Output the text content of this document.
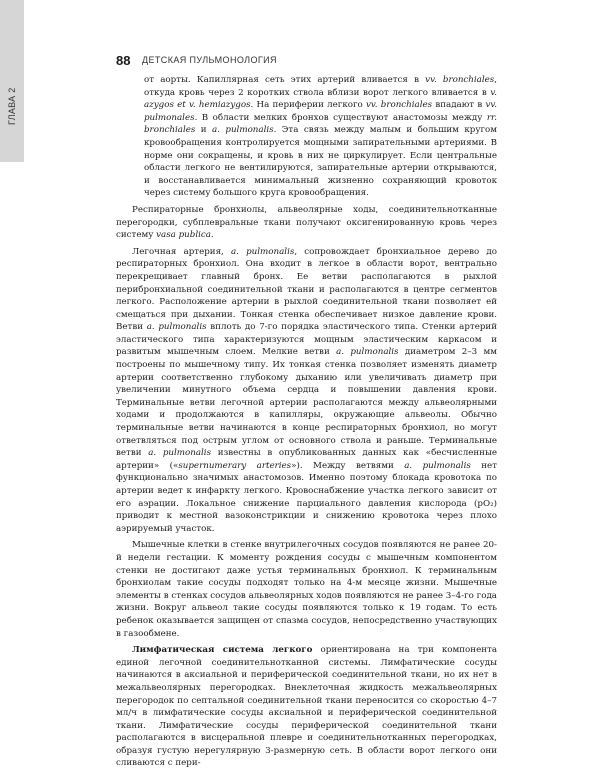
ГЛАВА 2
88 ДЕТСКАЯ ПУЛЬМОНОЛОГИЯ

от аорты. Капиллярная сеть этих артерий вливается в vv. bronchiales, откуда кровь через 2 коротких ствола вблизи ворот легкого вливается в v. azygos et v. hemiazygos. На периферии легкого vv. bronchiales впадают в vv. pulmonales. В области мелких бронхов существуют анастомозы между rr. bronchiales и a. pulmonalis. Эта связь между малым и большим кругом кровообращения контролируется мощными запирательными артериями. В норме они сокращены, и кровь в них не циркулирует. Если центральные области легкого не вентилируются, запирательные артерии открываются, и восстанавливается минимальный жизненно сохраняющий кровоток через систему большого круга кровообращения.

Респираторные бронхиолы, альвеолярные ходы, соединительнотканные перегородки, субплевральные ткани получают оксигенированную кровь через систему vasa publica.

Легочная артерия, a. pulmonalis, сопровождает бронхиальное дерево до респираторных бронхиол. Она входит в легкое в области ворот, вентрально перекрещивает главный бронх. Ее ветви располагаются в рыхлой перибронхиальной соединительной ткани и располагаются в центре сегментов легкого. Расположение артерии в рыхлой соединительной ткани позволяет ей смещаться при дыхании. Тонкая стенка обеспечивает низкое давление крови. Ветви a. pulmonalis вплоть до 7-го порядка эластического типа. Стенки артерий эластического типа характеризуются мощным эластическим каркасом и развитым мышечным слоем. Мелкие ветви a. pulmonalis диаметром 2–3 мм построены по мышечному типу. Их тонкая стенка позволяет изменять диаметр артерии соответственно глубокому дыханию или увеличивать диаметр при увеличении минутного объема сердца и повышении давления крови. Терминальные ветви легочной артерии располагаются между альвеолярными ходами и продолжаются в капилляры, окружающие альвеолы. Обычно терминальные ветви начинаются в конце респираторных бронхиол, но могут ответвляться под острым углом от основного ствола и раньше. Терминальные ветви a. pulmonalis известны в опубликованных данных как «бесчисленные артерии» («supernumerary arteries»). Между ветвями a. pulmonalis нет функционально значимых анастомозов. Именно поэтому блокада кровотока по артерии ведет к инфаркту легкого. Кровоснабжение участка легкого зависит от его аэрации. Локальное снижение парциального давления кислорода (pO₂) приводит к местной вазоконстрикции и снижению кровотока через плохо аэрируемый участок.

Мышечные клетки в стенке внутрилегочных сосудов появляются не ранее 20-й недели гестации. К моменту рождения сосуды с мышечным компонентом стенки не достигают даже устья терминальных бронхиол. К терминальным бронхиолам такие сосуды подходят только на 4-м месяце жизни. Мышечные элементы в стенках сосудов альвеолярных ходов появляются не ранее 3–4-го года жизни. Вокруг альвеол такие сосуды появляются только к 19 годам. То есть ребенок оказывается защищен от спазма сосудов, непосредственно участвующих в газообмене.

Лимфатическая система легкого ориентирована на три компонента единой легочной соединительнотканной системы. Лимфатические сосуды начинаются в аксиальной и периферической соединительной ткани, но их нет в межальвеолярных перегородках. Внеклеточная жидкость межальвеолярных перегородок по септальной соединительной ткани переносится со скоростью 4–7 мл/ч в лимфатические сосуды аксиальной и периферической соединительной ткани. Лимфатические сосуды периферической соединительной ткани располагаются в висцеральной плевре и соединительнотканных перегородках, образуя густую нерегулярную 3-размерную сеть. В области ворот легкого они сливаются с пери-
